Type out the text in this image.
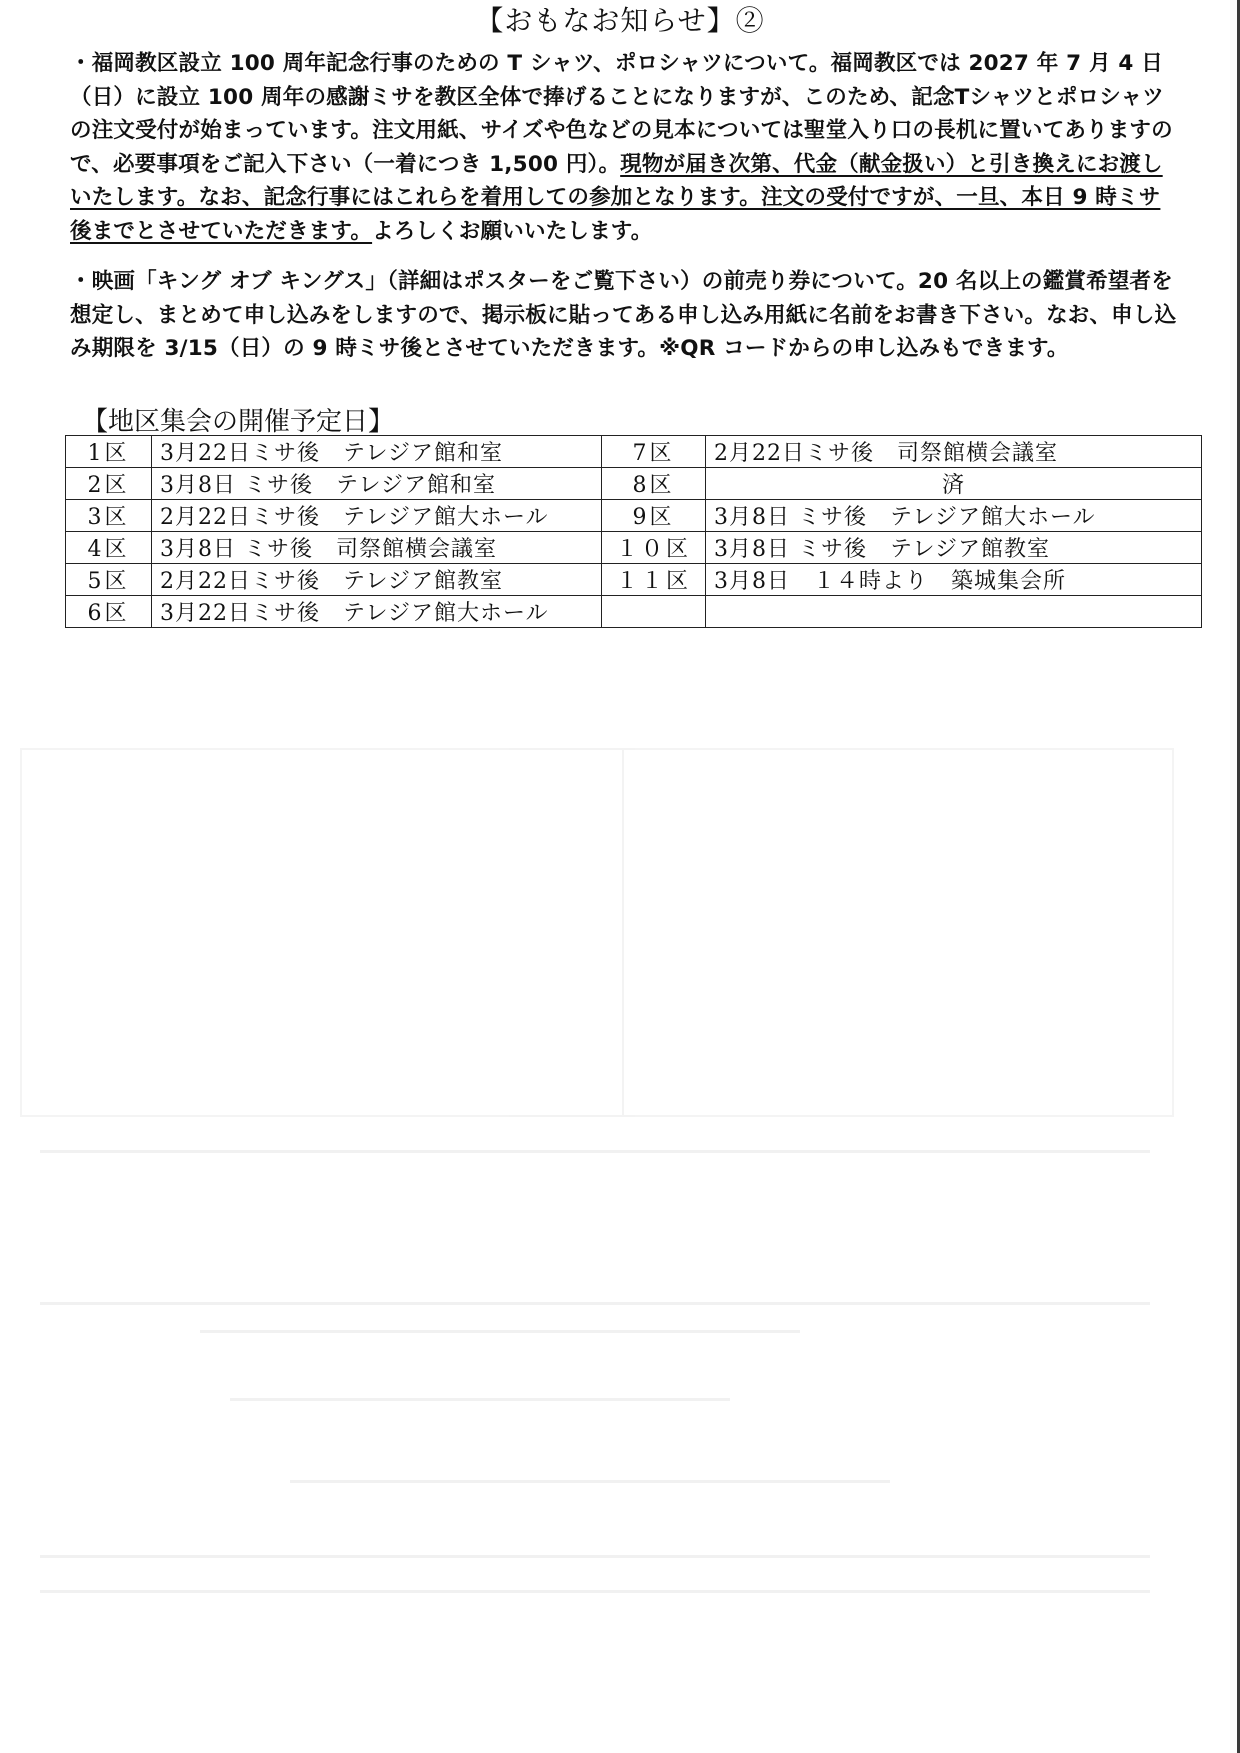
【おもなお知らせ】②
・福岡教区設立 100 周年記念行事のための T シャツ、ポロシャツについて。福岡教区では 2027 年 7 月 4 日（日）に設立 100 周年の感謝ミサを教区全体で捧げることになりますが、このため、記念Tシャツとポロシャツの注文受付が始まっています。注文用紙、サイズや色などの見本については聖堂入り口の長机に置いてありますので、必要事項をご記入下さい（一着につき 1,500 円）。現物が届き次第、代金（献金扱い）と引き換えにお渡しいたします。なお、記念行事にはこれらを着用しての参加となります。注文の受付ですが、一旦、本日 9 時ミサ後までとさせていただきます。よろしくお願いいたします。
・映画「キング オブ キングス」（詳細はポスターをご覧下さい）の前売り券について。20 名以上の鑑賞希望者を想定し、まとめて申し込みをしますので、掲示板に貼ってある申し込み用紙に名前をお書き下さい。なお、申し込み期限を 3/15（日）の 9 時ミサ後とさせていただきます。※QR コードからの申し込みもできます。
【地区集会の開催予定日】
1区	3月22日ミサ後　テレジア館和室	7区	2月22日ミサ後　司祭館横会議室
2区	3月8日 ミサ後　テレジア館和室	8区	済
3区	2月22日ミサ後　テレジア館大ホール	9区	3月8日 ミサ後　テレジア館大ホール
4区	3月8日 ミサ後　司祭館横会議室	１０区	3月8日 ミサ後　テレジア館教室
5区	2月22日ミサ後　テレジア館教室	１１区	3月8日　１４時より　築城集会所
6区	3月22日ミサ後　テレジア館大ホール		
